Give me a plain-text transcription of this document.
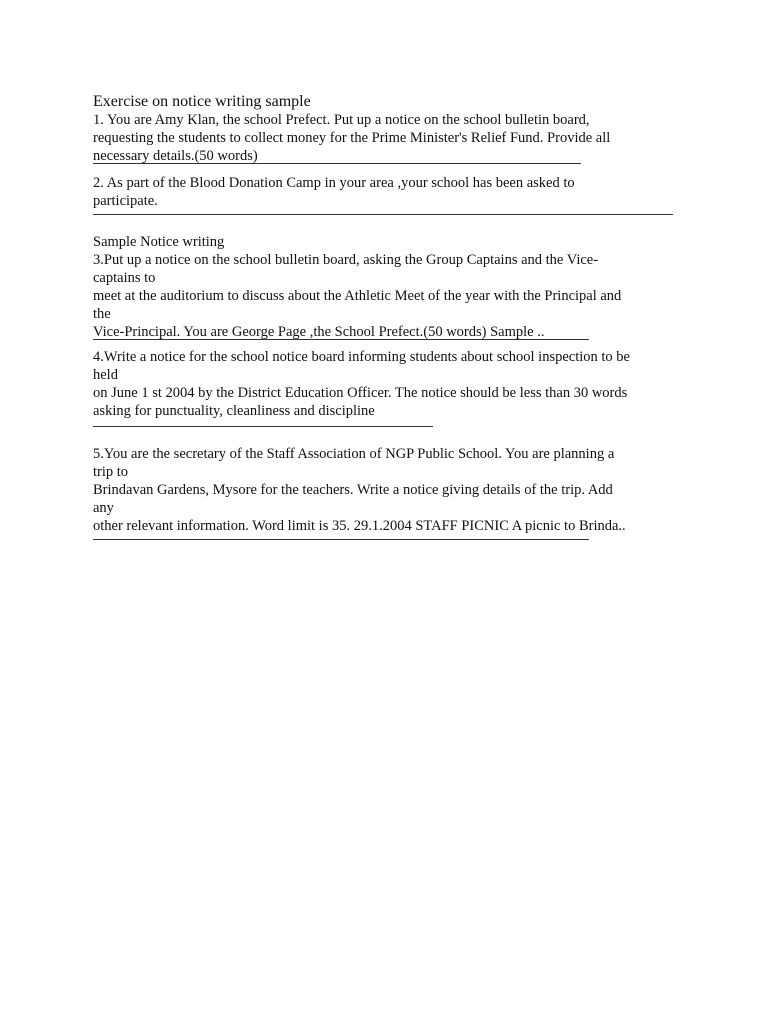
Exercise on notice writing sample

1. You are Amy Klan, the school Prefect. Put up a notice on the school bulletin board,

requesting the students to collect money for the Prime Minister's Relief Fund. Provide all

necessary details.(50 words)

2. As part of the Blood Donation Camp in your area ,your school has been asked to

participate.

Sample Notice writing

3.Put up a notice on the school bulletin board, asking the Group Captains and the Vice-

captains to

meet at the auditorium to discuss about the Athletic Meet of the year with the Principal and

the

Vice-Principal. You are George Page ,the School Prefect.(50 words) Sample ..

4.Write a notice for the school notice board informing students about school inspection to be

held

on June 1 st 2004 by the District Education Officer. The notice should be less than 30 words

asking for punctuality, cleanliness and discipline

5.You are the secretary of the Staff Association of NGP Public School. You are planning a

trip to

Brindavan Gardens, Mysore for the teachers. Write a notice giving details of the trip. Add

any

other relevant information. Word limit is 35. 29.1.2004 STAFF PICNIC A picnic to Brinda..
